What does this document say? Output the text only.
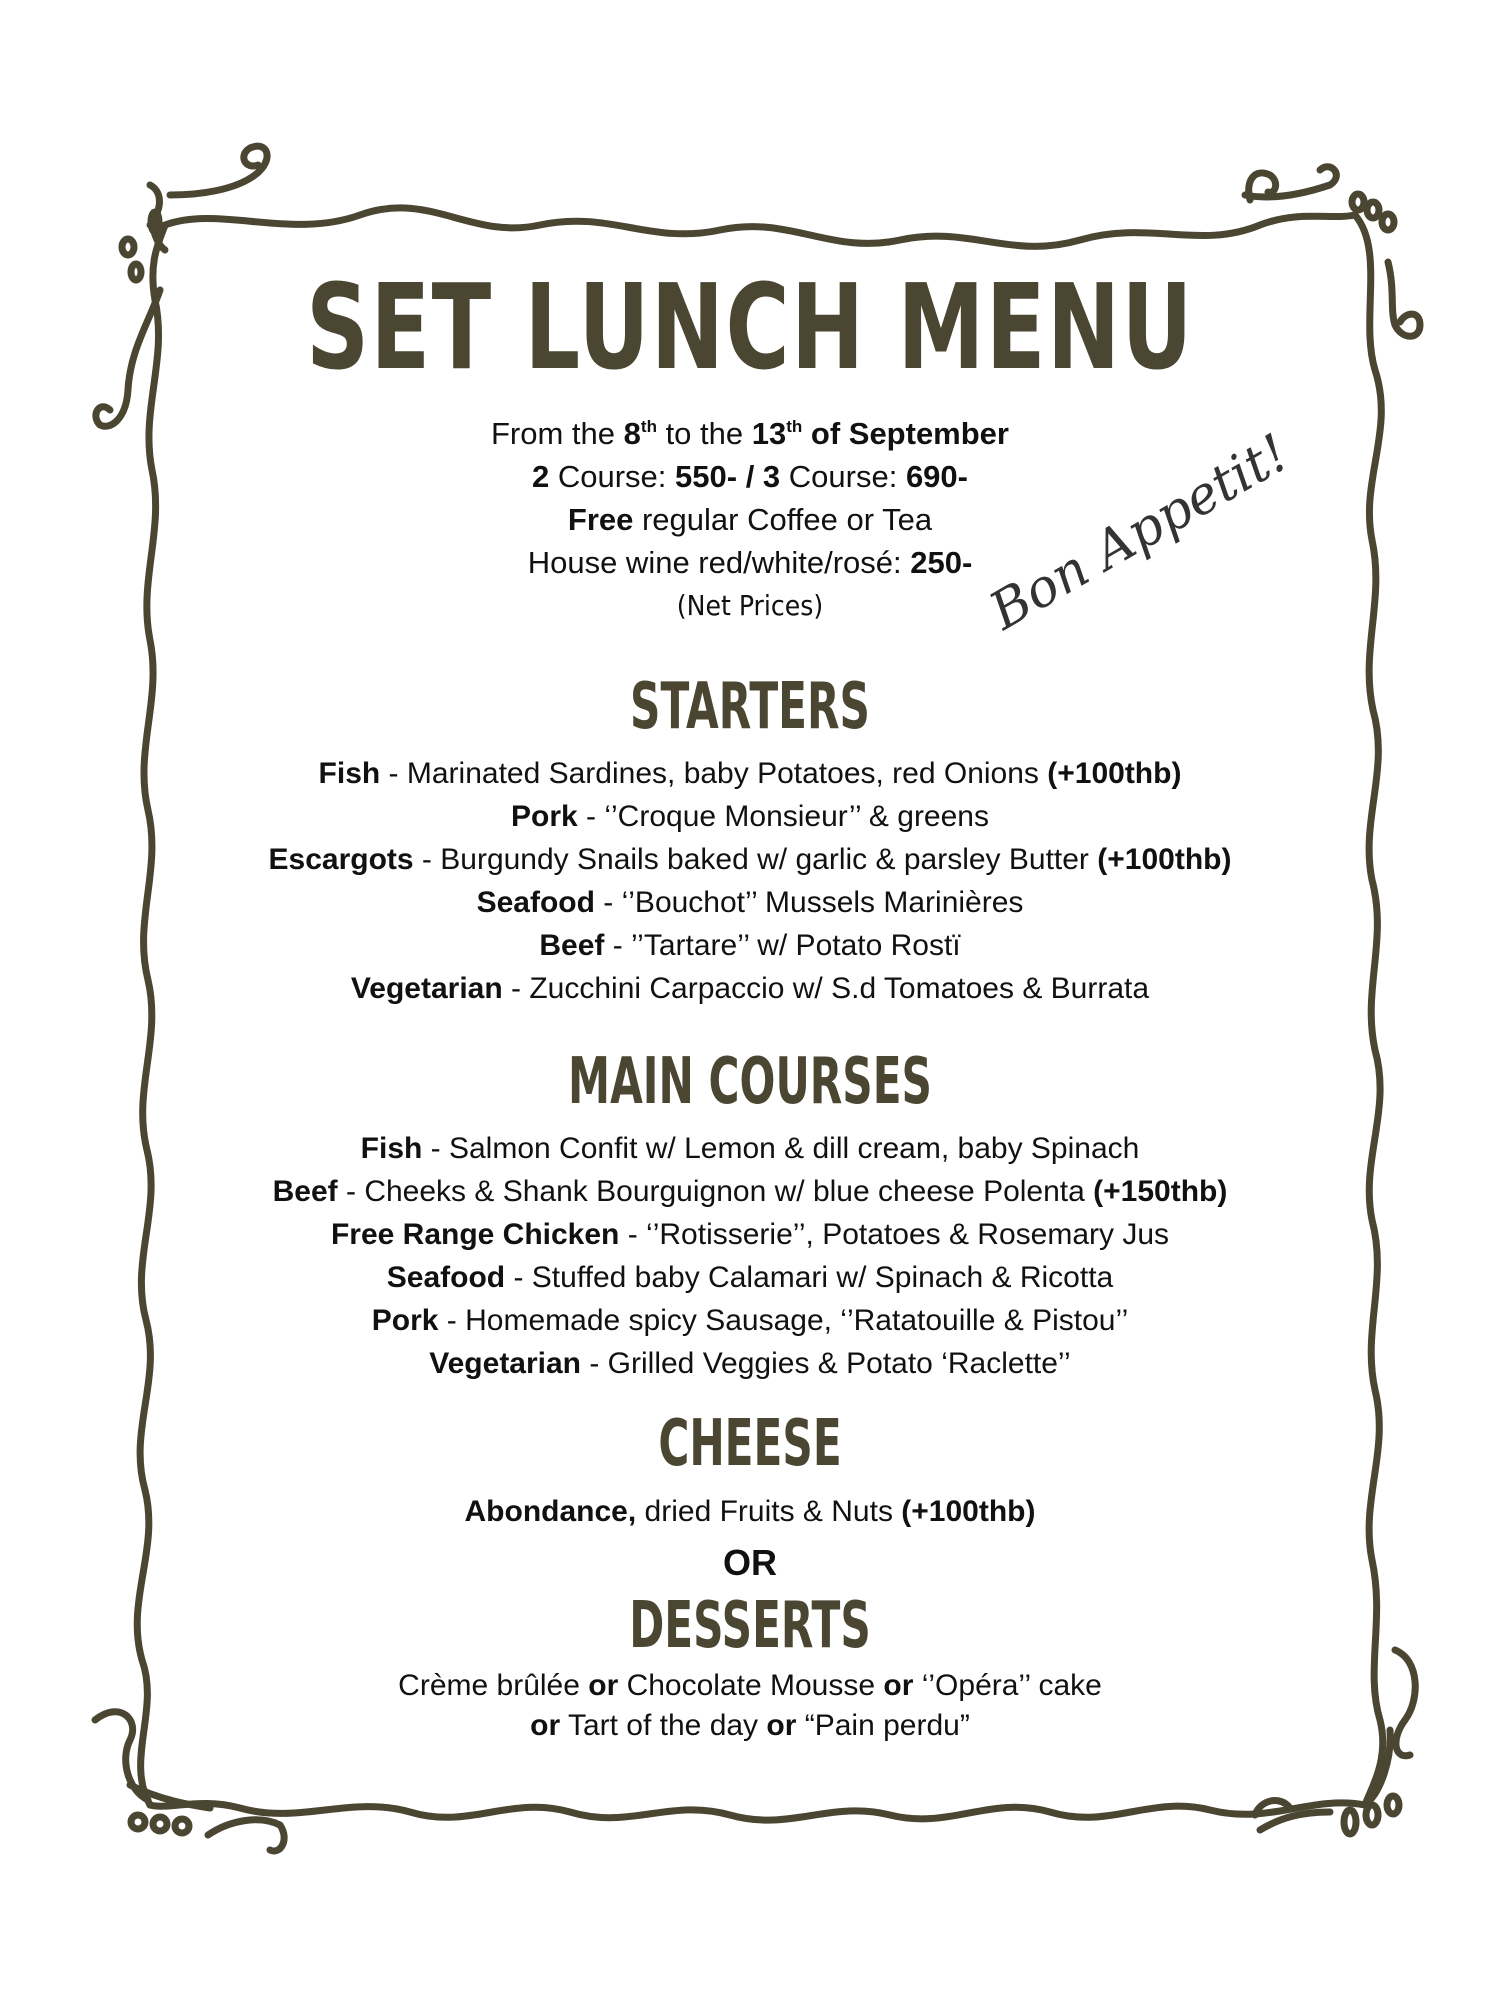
SET LUNCH MENU
From the 8th to the 13th of September
2 Course: 550- / 3 Course: 690-
Free regular Coffee or Tea
House wine red/white/rosé: 250-
(Net Prices)
STARTERS
Fish - Marinated Sardines, baby Potatoes, red Onions (+100thb)
Pork - ‘’Croque Monsieur’’ & greens
Escargots - Burgundy Snails baked w/ garlic & parsley Butter (+100thb)
Seafood - ‘’Bouchot’’ Mussels Marinières
Beef - ’’Tartare’’ w/ Potato Rostï
Vegetarian - Zucchini Carpaccio w/ S.d Tomatoes & Burrata
MAIN COURSES
Fish - Salmon Confit w/ Lemon & dill cream, baby Spinach
Beef - Cheeks & Shank Bourguignon w/ blue cheese Polenta (+150thb)
Free Range Chicken - ‘’Rotisserie’’, Potatoes & Rosemary Jus
Seafood - Stuffed baby Calamari w/ Spinach & Ricotta
Pork - Homemade spicy Sausage, ‘’Ratatouille & Pistou’’
Vegetarian - Grilled Veggies & Potato ‘Raclette’’
CHEESE
Abondance, dried Fruits & Nuts (+100thb)
OR
DESSERTS
Crème brûlée or Chocolate Mousse or ‘’Opéra’’ cake
or Tart of the day or “Pain perdu”
Bon Appetit!
